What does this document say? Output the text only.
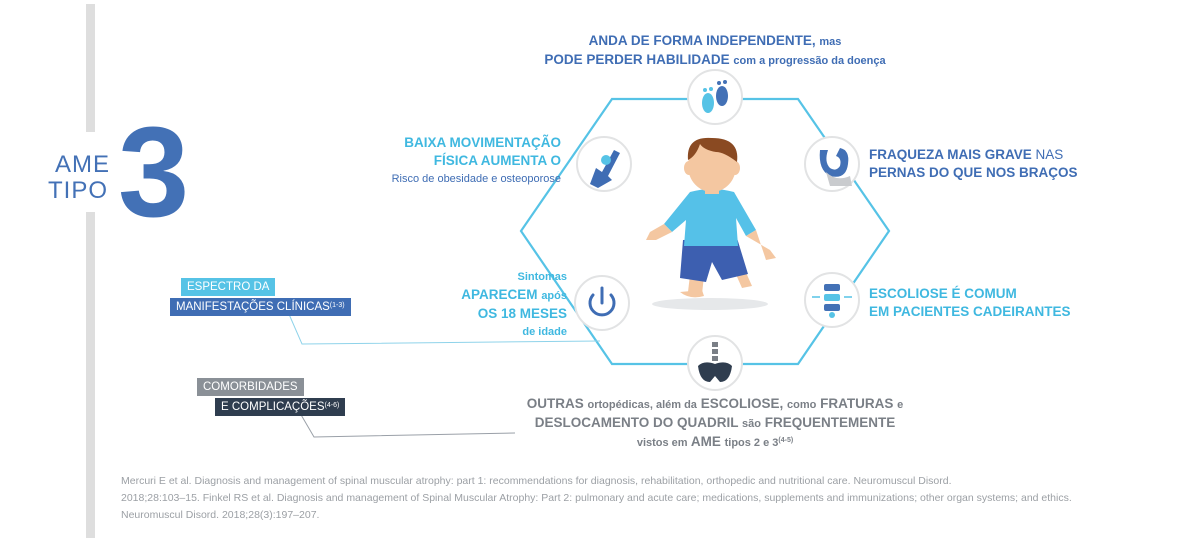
AME
TIPO 3
ANDA DE FORMA INDEPENDENTE, mas
PODE PERDER HABILIDADE com a progressão da doença
BAIXA MOVIMENTAÇÃO
FÍSICA AUMENTA O
Risco de obesidade e osteoporose
FRAQUEZA MAIS GRAVE NAS
PERNAS DO QUE NOS BRAÇOS
Sintomas
APARECEM após
OS 18 MESES
de idade
ESCOLIOSE É COMUM
EM PACIENTES CADEIRANTES
OUTRAS ortopédicas, além da ESCOLIOSE, como FRATURAS e
DESLOCAMENTO DO QUADRIL são FREQUENTEMENTE
vistos em AME tipos 2 e 3$^{(4-5)}$
ESPECTRO DA
MANIFESTAÇÕES CLÍNICAS$^{(1-3)}$
COMORBIDADES
E COMPLICAÇÕES$^{(4-6)}$
Mercuri E et al. Diagnosis and management of spinal muscular atrophy: part 1: recommendations for diagnosis, rehabilitation, orthopedic and nutritional care. Neuromuscul Disord.
2018;28:103–15. Finkel RS et al. Diagnosis and management of Spinal Muscular Atrophy: Part 2: pulmonary and acute care; medications, supplements and immunizations; other organ systems; and ethics.
Neuromuscul Disord. 2018;28(3):197–207.
